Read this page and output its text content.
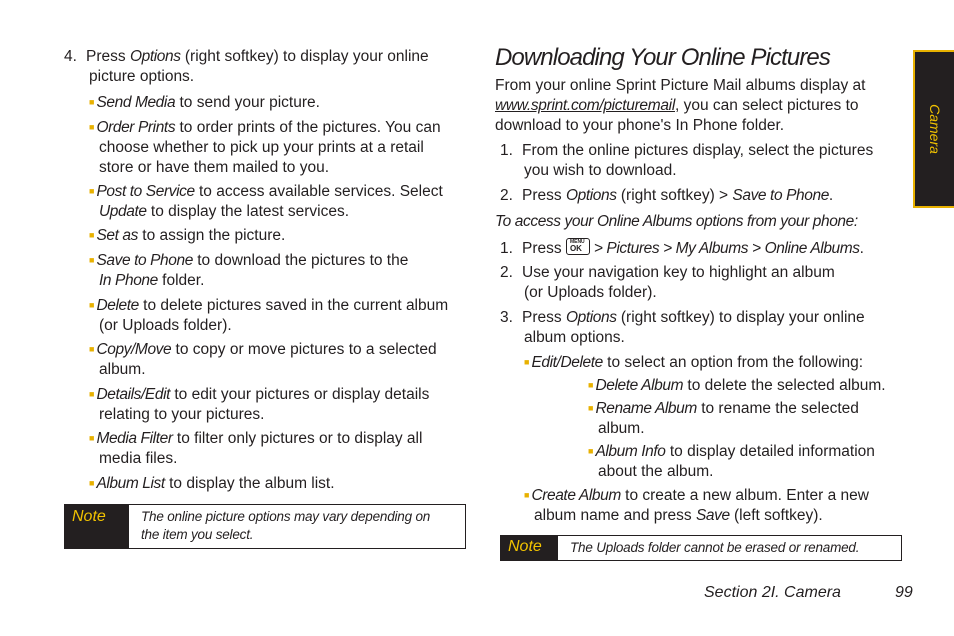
4. Press Options (right softkey) to display your online
picture options.
■ Send Media to send your picture.
■ Order Prints to order prints of the pictures. You can
choose whether to pick up your prints at a retail
store or have them mailed to you.
■ Post to Service to access available services. Select
Update to display the latest services.
■ Set as to assign the picture.
■ Save to Phone to download the pictures to the
In Phone folder.
■ Delete to delete pictures saved in the current album
(or Uploads folder).
■ Copy/Move to copy or move pictures to a selected
album.
■ Details/Edit to edit your pictures or display details
relating to your pictures.
■ Media Filter to filter only pictures or to display all
media files.
■ Album List to display the album list.
Note	The online picture options may vary depending on
the item you select.
Downloading Your Online Pictures
From your online Sprint Picture Mail albums display at
www.sprint.com/picturemail, you can select pictures to
download to your phone's In Phone folder.
1. From the online pictures display, select the pictures
you wish to download.
2. Press Options (right softkey) > Save to Phone.
To access your Online Albums options from your phone:
1. Press MENU
OK > Pictures > My Albums > Online Albums.
2. Use your navigation key to highlight an album
(or Uploads folder).
3. Press Options (right softkey) to display your online
album options.
■ Edit/Delete to select an option from the following:
■ Delete Album to delete the selected album.
■ Rename Album to rename the selected
album.
■ Album Info to display detailed information
about the album.
■ Create Album to create a new album. Enter a new
album name and press Save (left softkey).
Note	The Uploads folder cannot be erased or renamed.
Camera
Section 2I. Camera	99
